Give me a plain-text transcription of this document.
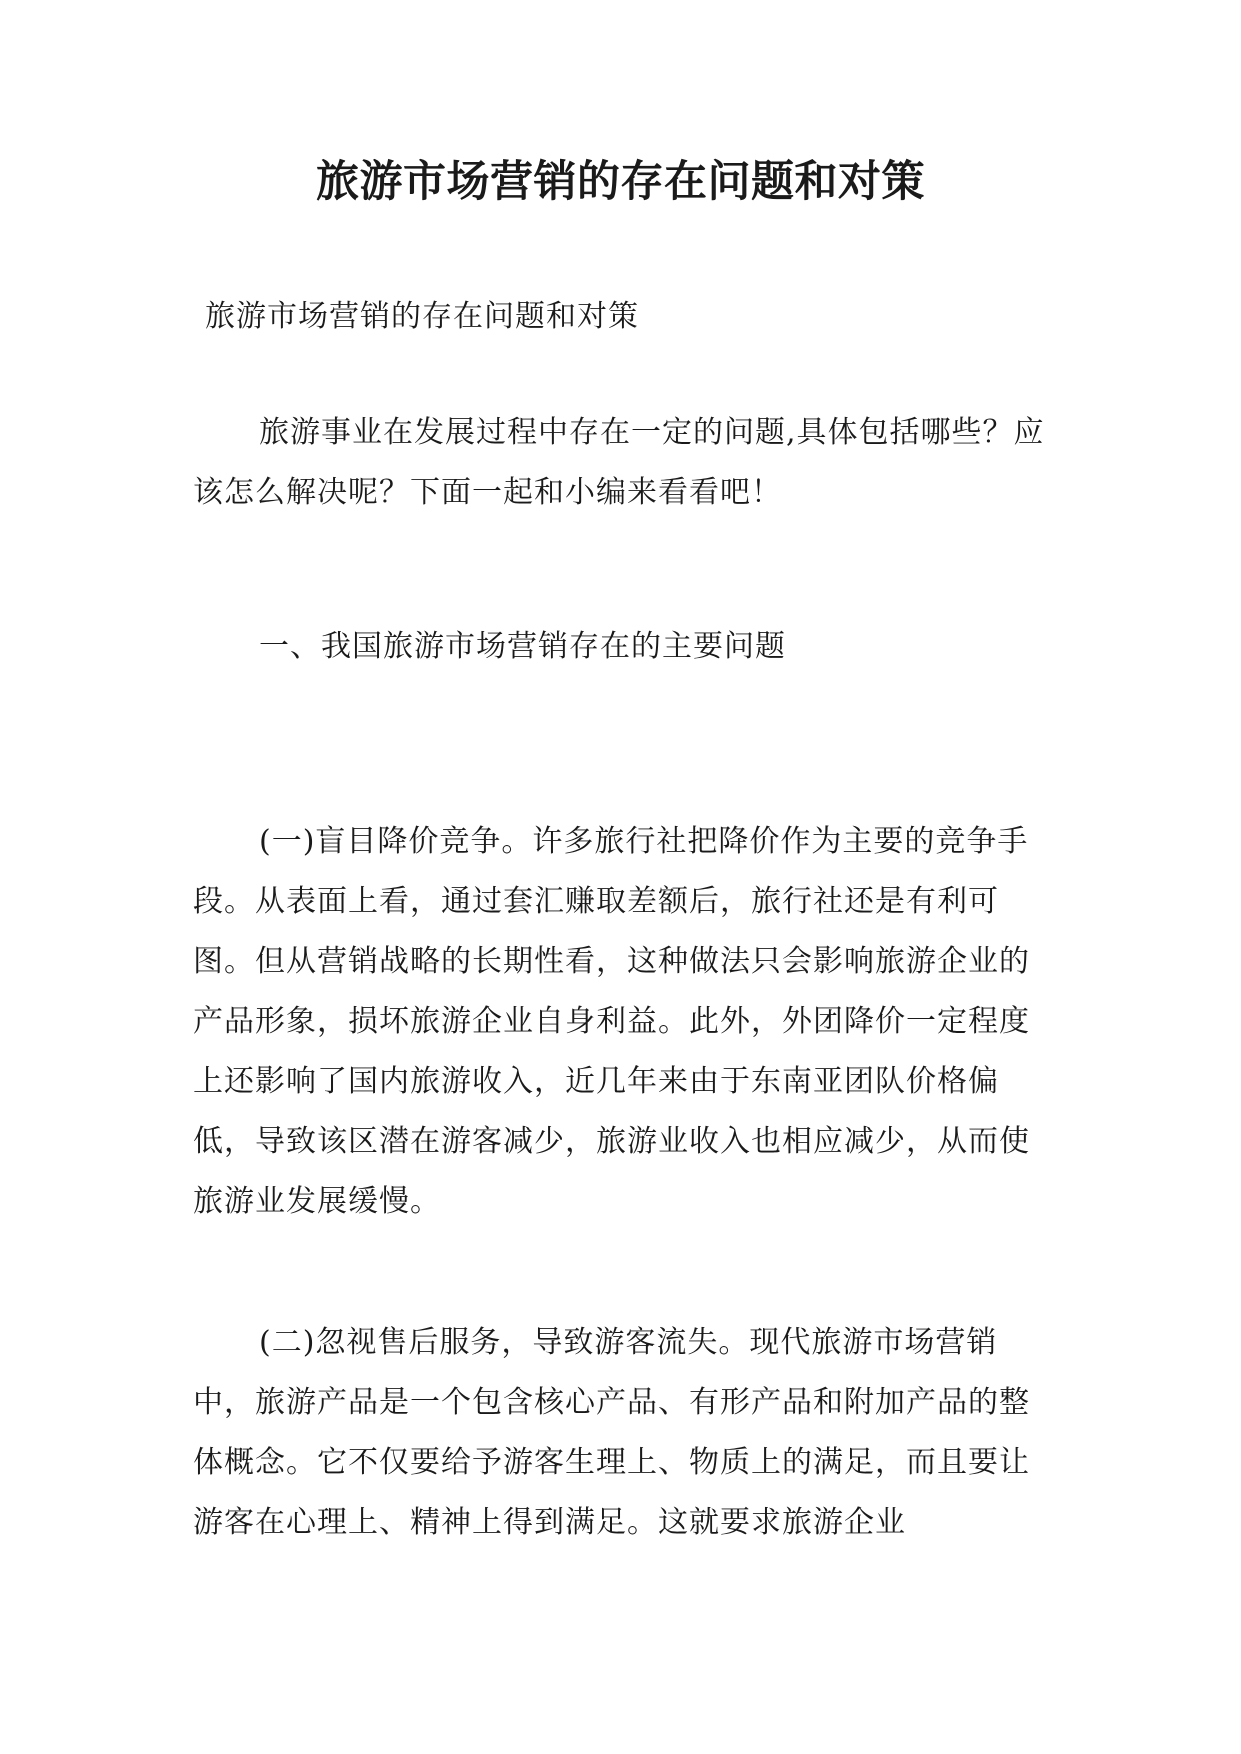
旅游市场营销的存在问题和对策

旅游市场营销的存在问题和对策

旅游事业在发展过程中存在一定的问题,具体包括哪些？应该怎么解决呢？下面一起和小编来看看吧！

一、我国旅游市场营销存在的主要问题

(一)盲目降价竞争。许多旅行社把降价作为主要的竞争手段。从表面上看，通过套汇赚取差额后，旅行社还是有利可图。但从营销战略的长期性看，这种做法只会影响旅游企业的产品形象，损坏旅游企业自身利益。此外，外团降价一定程度上还影响了国内旅游收入，近几年来由于东南亚团队价格偏低，导致该区潜在游客减少，旅游业收入也相应减少，从而使旅游业发展缓慢。

(二)忽视售后服务，导致游客流失。现代旅游市场营销中，旅游产品是一个包含核心产品、有形产品和附加产品的整体概念。它不仅要给予游客生理上、物质上的满足，而且要让游客在心理上、精神上得到满足。这就要求旅游企业
